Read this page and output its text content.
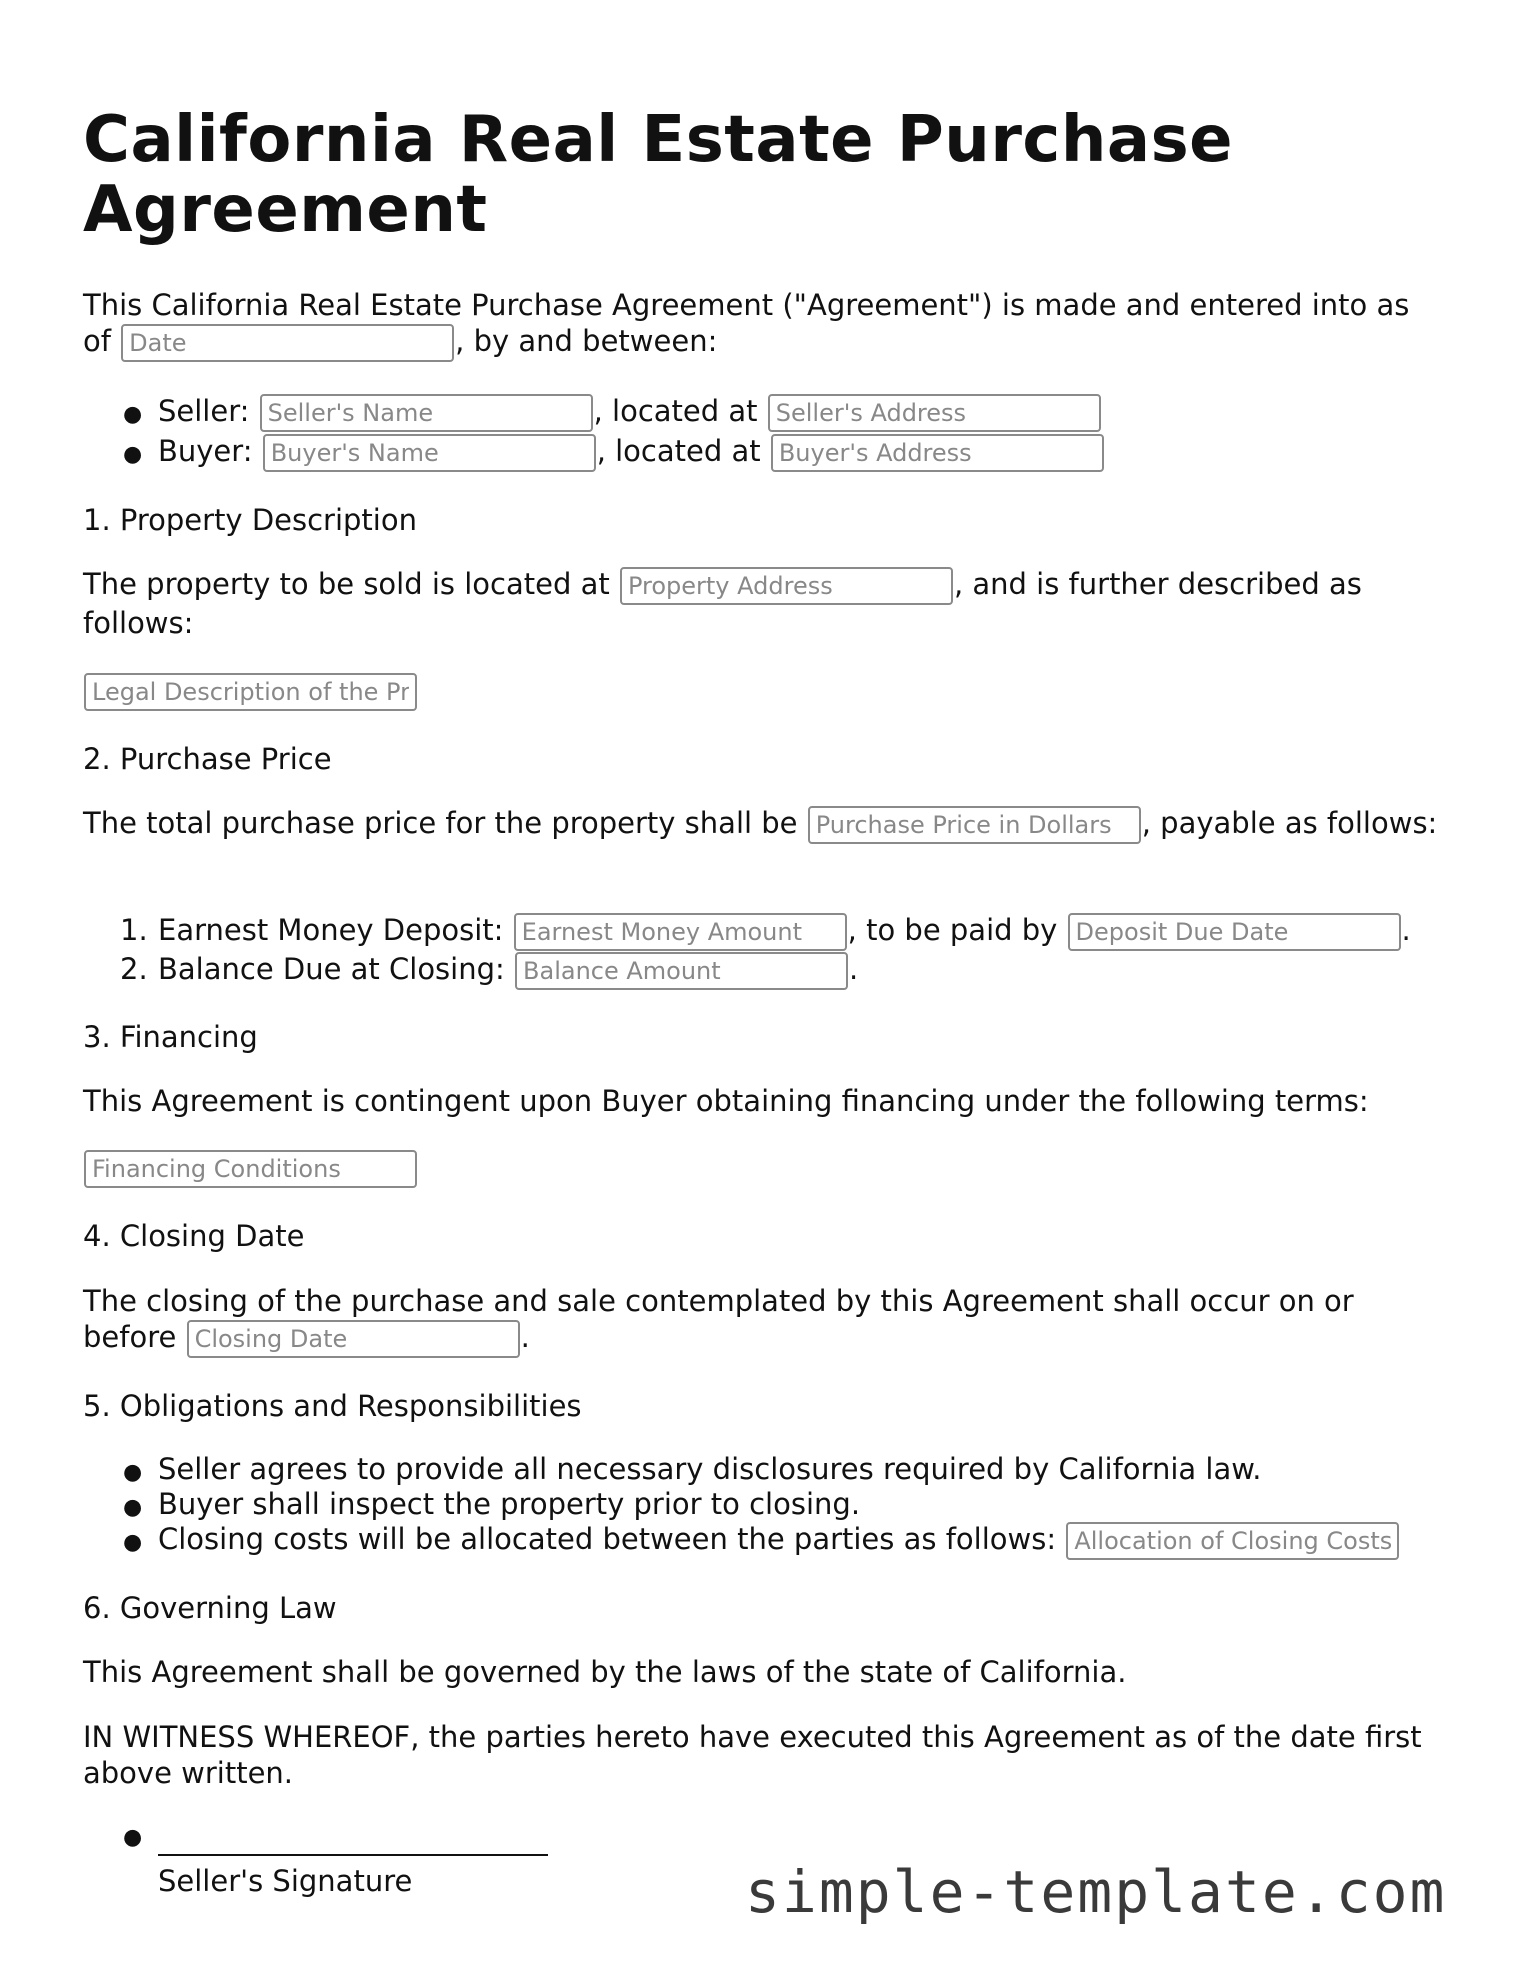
California Real Estate Purchase Agreement

This California Real Estate Purchase Agreement ("Agreement") is made and entered into as of Date	, by and between:

● Seller: Seller's Name	, located at Seller's Address
● Buyer: Buyer's Name	, located at Buyer's Address

1. Property Description

The property to be sold is located at Property Address	, and is further described as follows:

Legal Description of the Property

2. Purchase Price

The total purchase price for the property shall be Purchase Price in Dollars	, payable as follows:

1. Earnest Money Deposit: Earnest Money Amount	, to be paid by Deposit Due Date	.
2. Balance Due at Closing: Balance Amount	.

3. Financing

This Agreement is contingent upon Buyer obtaining financing under the following terms:

Financing Conditions

4. Closing Date

The closing of the purchase and sale contemplated by this Agreement shall occur on or before Closing Date	.

5. Obligations and Responsibilities

● Seller agrees to provide all necessary disclosures required by California law.
● Buyer shall inspect the property prior to closing.
● Closing costs will be allocated between the parties as follows: Allocation of Closing Costs

6. Governing Law

This Agreement shall be governed by the laws of the state of California.

IN WITNESS WHEREOF, the parties hereto have executed this Agreement as of the date first above written.

●
Seller's Signature	simple-template.com
